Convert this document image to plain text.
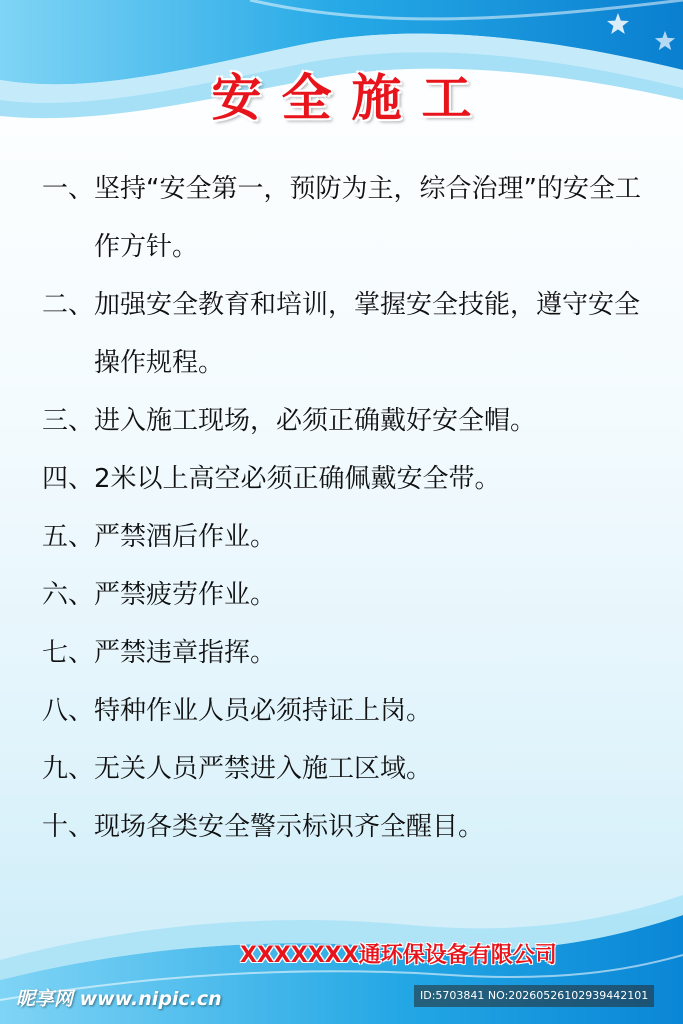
安全施工
一、 坚持“安全第一，预防为主，综合治理”的安全工作方针。
二、 加强安全教育和培训，掌握安全技能，遵守安全操作规程。
三、 进入施工现场，必须正确戴好安全帽。
四、 2米以上高空必须正确佩戴安全带。
五、 严禁酒后作业。
六、 严禁疲劳作业。
七、 严禁违章指挥。
八、 特种作业人员必须持证上岗。
九、 无关人员严禁进入施工区域。
十、 现场各类安全警示标识齐全醒目。
XXXXXXX通环保设备有限公司
昵享网 www.nipic.cn	ID:5703841 NO:20260526102939442101
